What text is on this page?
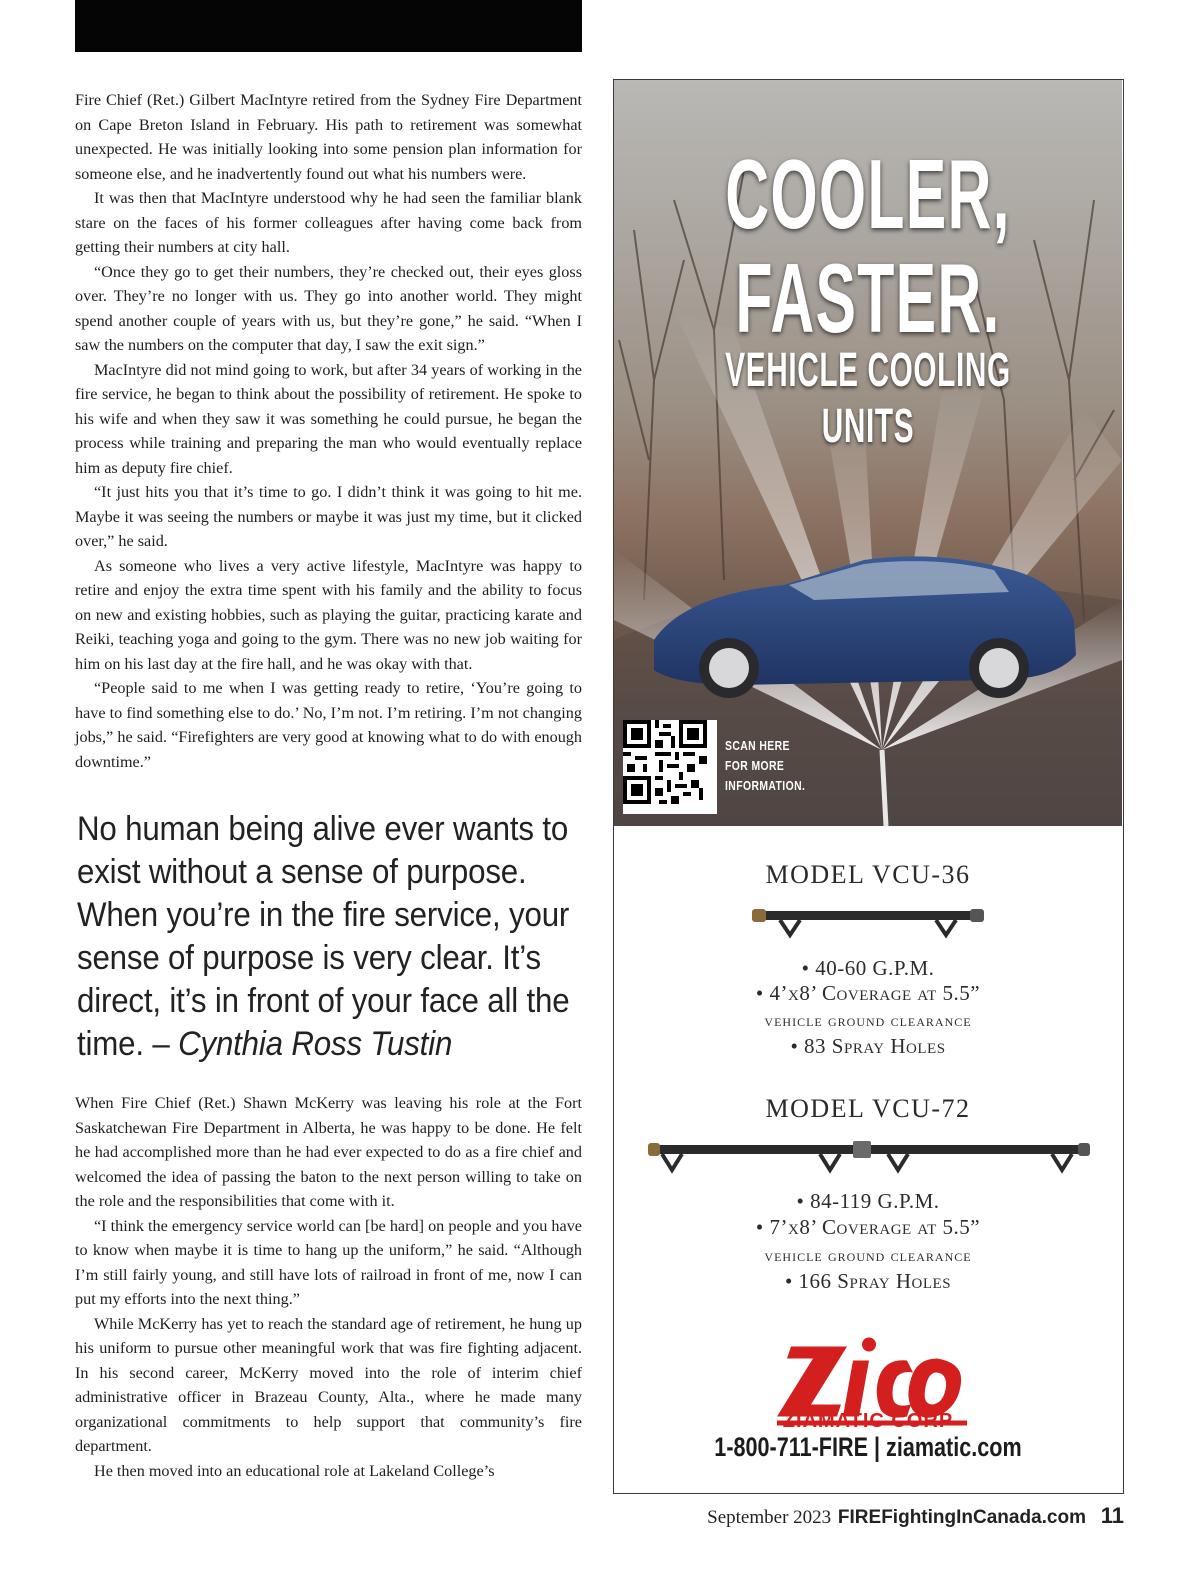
Fire Chief (Ret.) Gilbert MacIntyre retired from the Sydney Fire Department on Cape Breton Island in February. His path to retirement was somewhat unexpected. He was initially looking into some pension plan information for someone else, and he inadvertently found out what his numbers were.

It was then that MacIntyre understood why he had seen the familiar blank stare on the faces of his former colleagues after having come back from getting their numbers at city hall.

“Once they go to get their numbers, they’re checked out, their eyes gloss over. They’re no longer with us. They go into another world. They might spend another couple of years with us, but they’re gone,” he said. “When I saw the numbers on the computer that day, I saw the exit sign.”

MacIntyre did not mind going to work, but after 34 years of working in the fire service, he began to think about the possibility of retirement. He spoke to his wife and when they saw it was something he could pursue, he began the process while training and preparing the man who would eventually replace him as deputy fire chief.

“It just hits you that it’s time to go. I didn’t think it was going to hit me. Maybe it was seeing the numbers or maybe it was just my time, but it clicked over,” he said.

As someone who lives a very active lifestyle, MacIntyre was happy to retire and enjoy the extra time spent with his family and the ability to focus on new and existing hobbies, such as playing the guitar, practicing karate and Reiki, teaching yoga and going to the gym. There was no new job waiting for him on his last day at the fire hall, and he was okay with that.

“People said to me when I was getting ready to retire, ‘You’re going to have to find something else to do.’ No, I’m not. I’m retiring. I’m not changing jobs,” he said. “Firefighters are very good at knowing what to do with enough downtime.”

No human being alive ever wants to exist without a sense of purpose. When you’re in the fire service, your sense of purpose is very clear. It’s direct, it’s in front of your face all the time. – Cynthia Ross Tustin

When Fire Chief (Ret.) Shawn McKerry was leaving his role at the Fort Saskatchewan Fire Department in Alberta, he was happy to be done. He felt he had accomplished more than he had ever expected to do as a fire chief and welcomed the idea of passing the baton to the next person willing to take on the role and the responsibilities that come with it.

“I think the emergency service world can [be hard] on people and you have to know when maybe it is time to hang up the uniform,” he said. “Although I’m still fairly young, and still have lots of railroad in front of me, now I can put my efforts into the next thing.”

While McKerry has yet to reach the standard age of retirement, he hung up his uniform to pursue other meaningful work that was fire fighting adjacent. In his second career, McKerry moved into the role of interim chief administrative officer in Brazeau County, Alta., where he made many organizational commitments to help support that community’s fire department.

He then moved into an educational role at Lakeland College’s

COOLER,
FASTER.
VEHICLE COOLING UNITS
SCAN HERE
FOR MORE
INFORMATION.
MODEL VCU-36
• 40-60 G.P.M.
• 4’x8’ Coverage at 5.5”
vehicle ground clearance
• 83 Spray Holes
MODEL VCU-72
• 84-119 G.P.M.
• 7’x8’ Coverage at 5.5”
vehicle ground clearance
• 166 Spray Holes
ZIAMATIC CORP
1-800-711-FIRE | ziamatic.com
September 2023 FIREFightingInCanada.com 11
